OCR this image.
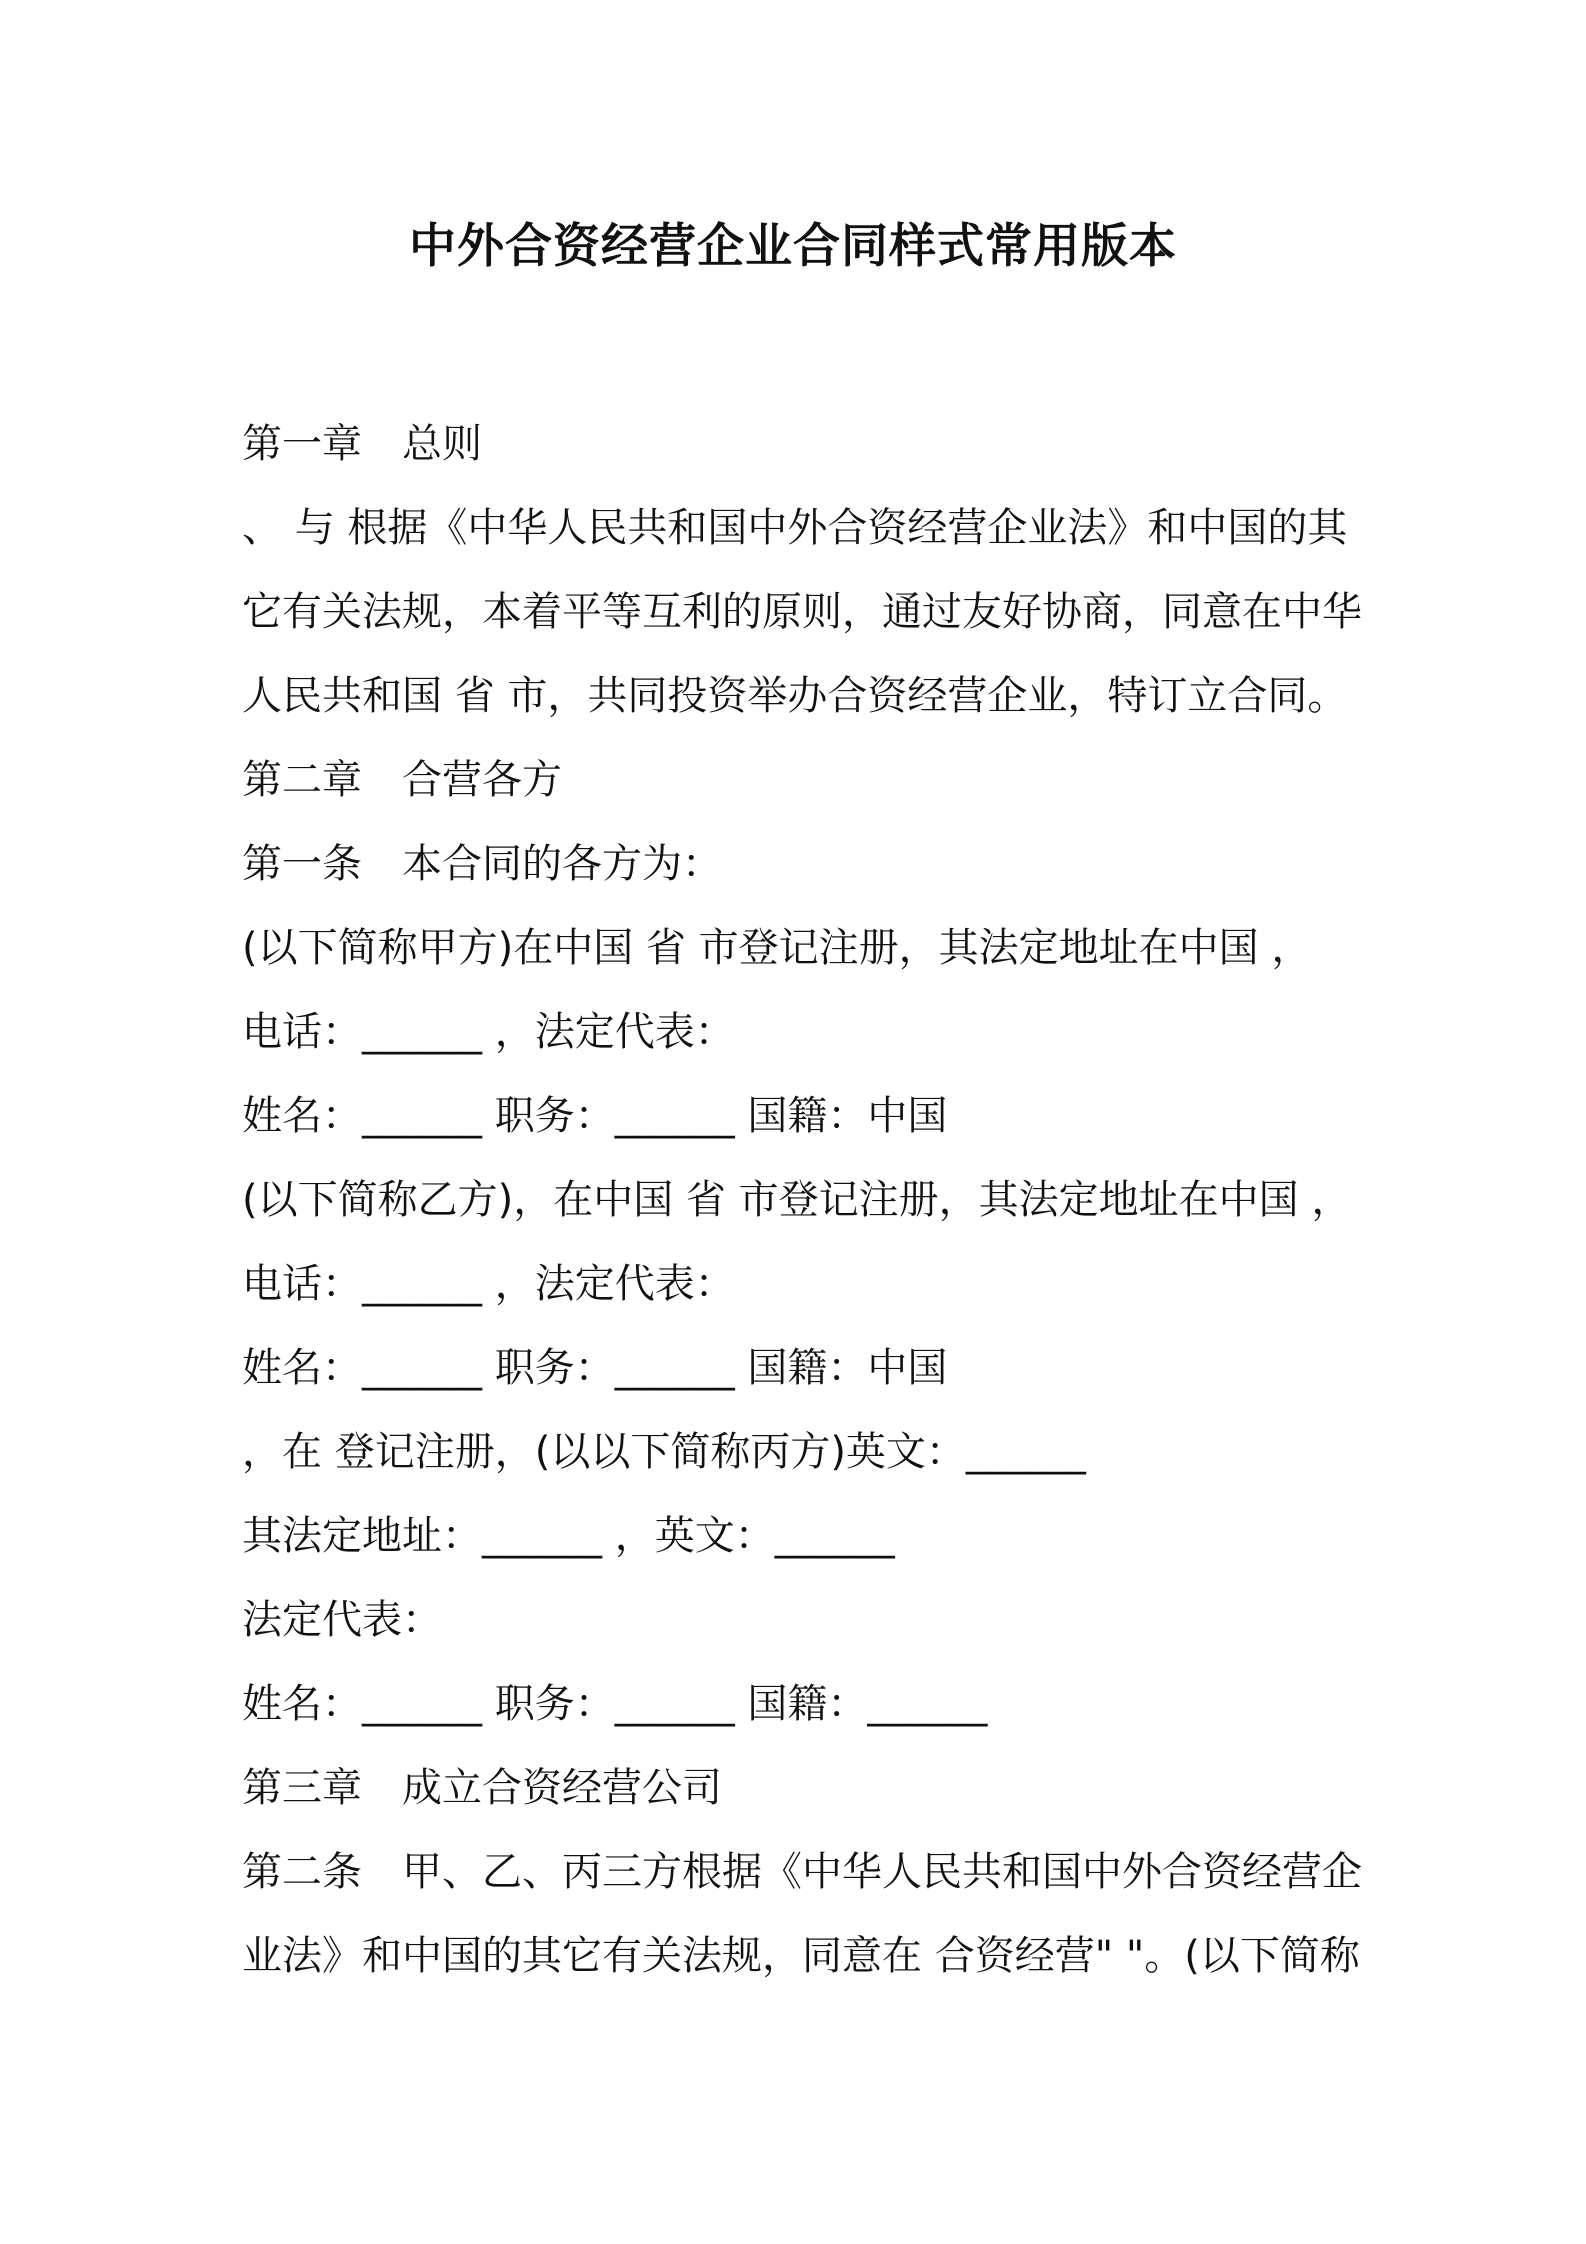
中外合资经营企业合同样式常用版本
第一章　总则
、 与 根据《中华人民共和国中外合资经营企业法》和中国的其
它有关法规，本着平等互利的原则，通过友好协商，同意在中华
人民共和国 省 市，共同投资举办合资经营企业，特订立合同。
第二章　合营各方
第一条　本合同的各方为：
(以下简称甲方)在中国 省 市登记注册，其法定地址在中国 ，
电话：______ ，法定代表：
姓名：______ 职务：______ 国籍：中国
(以下简称乙方)，在中国 省 市登记注册，其法定地址在中国 ，
电话：______ ，法定代表：
姓名：______ 职务：______ 国籍：中国
，在 登记注册，(以以下简称丙方)英文：______
其法定地址：______ ，英文：______
法定代表：
姓名：______ 职务：______ 国籍：______
第三章　成立合资经营公司
第二条　甲、乙、丙三方根据《中华人民共和国中外合资经营企
业法》和中国的其它有关法规，同意在 合资经营" "。(以下简称
